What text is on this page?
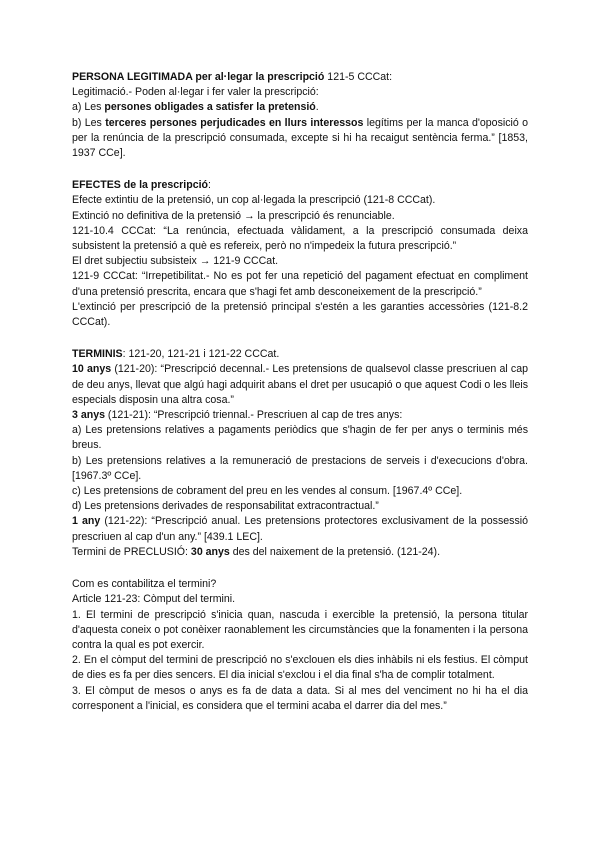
PERSONA LEGITIMADA per al·legar la prescripció 121-5 CCCat:

Legitimació.- Poden al·legar i fer valer la prescripció:

a) Les persones obligades a satisfer la pretensió.

b) Les terceres persones perjudicades en llurs interessos legítims per la manca d'oposició o per la renúncia de la prescripció consumada, excepte si hi ha recaigut sentència ferma.” [1853, 1937 CCe].

EFECTES de la prescripció:

Efecte extintiu de la pretensió, un cop al·legada la prescripció (121-8 CCCat).

Extinció no definitiva de la pretensió → la prescripció és renunciable.

121-10.4 CCCat: “La renúncia, efectuada vàlidament, a la prescripció consumada deixa subsistent la pretensió a què es refereix, però no n'impedeix la futura prescripció.”

El dret subjectiu subsisteix → 121-9 CCCat.

121-9 CCCat: “Irrepetibilitat.- No es pot fer una repetició del pagament efectuat en compliment d'una pretensió prescrita, encara que s'hagi fet amb desconeixement de la prescripció.”

L'extinció per prescripció de la pretensió principal s'estén a les garanties accessòries (121-8.2 CCCat).

TERMINIS: 121-20, 121-21 i 121-22 CCCat.

10 anys (121-20): “Prescripció decennal.- Les pretensions de qualsevol classe prescriuen al cap de deu anys, llevat que algú hagi adquirit abans el dret per usucapió o que aquest Codi o les lleis especials disposin una altra cosa.”

3 anys (121-21): “Prescripció triennal.- Prescriuen al cap de tres anys:

a) Les pretensions relatives a pagaments periòdics que s'hagin de fer per anys o terminis més breus.

b) Les pretensions relatives a la remuneració de prestacions de serveis i d'execucions d'obra. [1967.3º CCe].

c) Les pretensions de cobrament del preu en les vendes al consum. [1967.4º CCe].

d) Les pretensions derivades de responsabilitat extracontractual.”

1 any (121-22): “Prescripció anual. Les pretensions protectores exclusivament de la possessió prescriuen al cap d'un any.” [439.1 LEC].

Termini de PRECLUSIÓ: 30 anys des del naixement de la pretensió. (121-24).

Com es contabilitza el termini?

Article 121-23: Còmput del termini.

1. El termini de prescripció s'inicia quan, nascuda i exercible la pretensió, la persona titular d'aquesta coneix o pot conèixer raonablement les circumstàncies que la fonamenten i la persona contra la qual es pot exercir.

2. En el còmput del termini de prescripció no s'exclouen els dies inhàbils ni els festius. El còmput de dies es fa per dies sencers. El dia inicial s'exclou i el dia final s'ha de complir totalment.

3. El còmput de mesos o anys es fa de data a data. Si al mes del venciment no hi ha el dia corresponent a l'inicial, es considera que el termini acaba el darrer dia del mes.”
